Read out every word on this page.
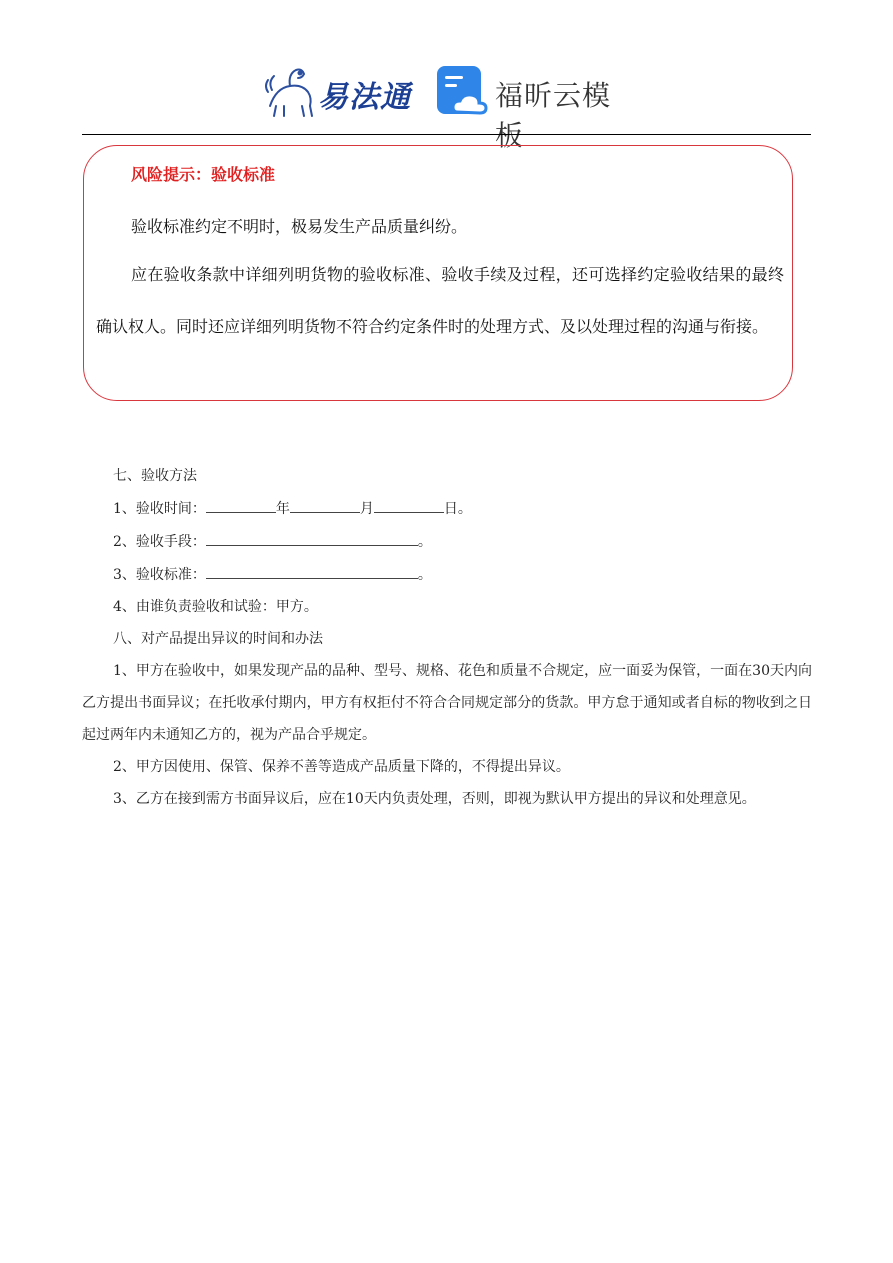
易法通	福昕云模板
风险提示：验收标准
验收标准约定不明时，极易发生产品质量纠纷。
应在验收条款中详细列明货物的验收标准、验收手续及过程，还可选择约定验收结果的最终确认权人。同时还应详细列明货物不符合约定条件时的处理方式、及以处理过程的沟通与衔接。

七、验收方法

1、验收时间：	年	月	日。

2、验收手段：	。

3、验收标准：	。

4、由谁负责验收和试验：甲方。

八、对产品提出异议的时间和办法

1、甲方在验收中，如果发现产品的品种、型号、规格、花色和质量不合规定，应一面妥为保管，一面在30天内向乙方提出书面异议；在托收承付期内，甲方有权拒付不符合合同规定部分的货款。甲方怠于通知或者自标的物收到之日起过两年内未通知乙方的，视为产品合乎规定。

2、甲方因使用、保管、保养不善等造成产品质量下降的，不得提出异议。

3、乙方在接到需方书面异议后，应在10天内负责处理，否则，即视为默认甲方提出的异议和处理意见。
